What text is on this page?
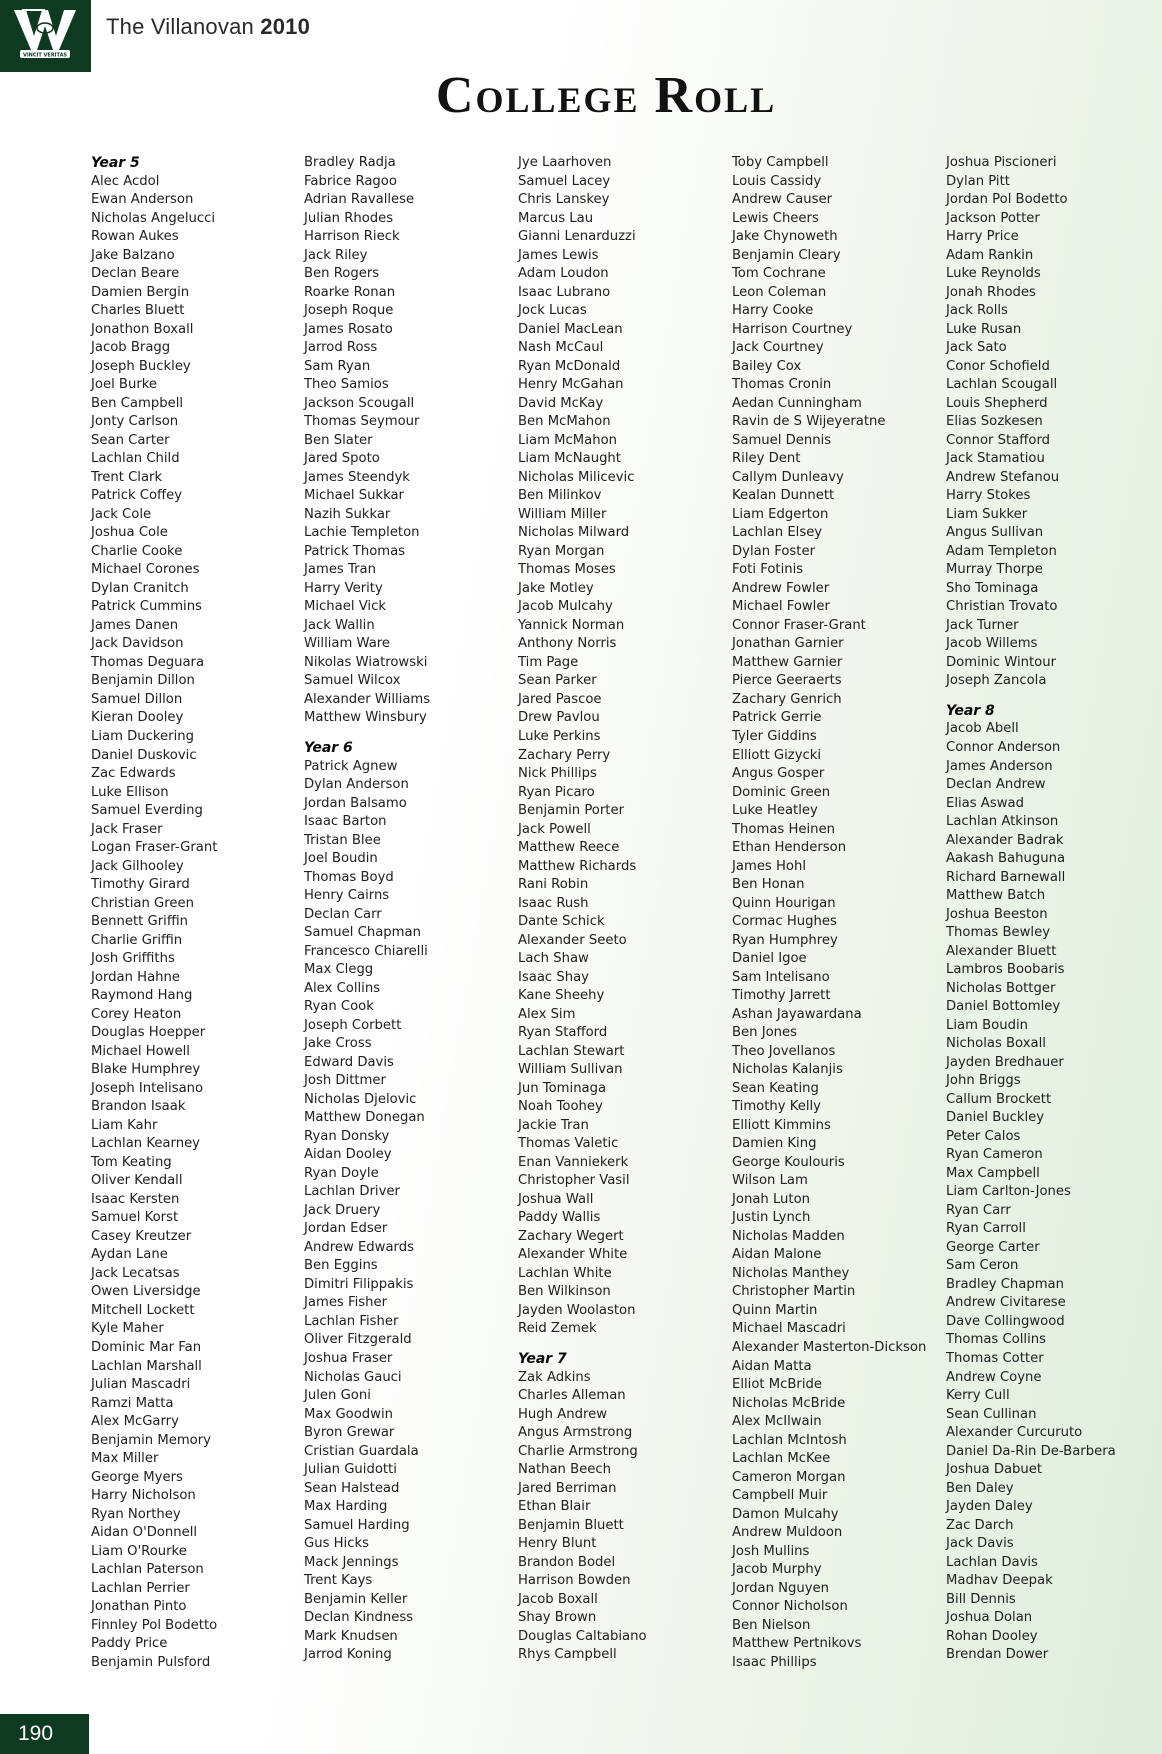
VINCIT VERITAS
The Villanovan 2010
College Roll
Year 5
Alec Acdol
Ewan Anderson
Nicholas Angelucci
Rowan Aukes
Jake Balzano
Declan Beare
Damien Bergin
Charles Bluett
Jonathon Boxall
Jacob Bragg
Joseph Buckley
Joel Burke
Ben Campbell
Jonty Carlson
Sean Carter
Lachlan Child
Trent Clark
Patrick Coffey
Jack Cole
Joshua Cole
Charlie Cooke
Michael Corones
Dylan Cranitch
Patrick Cummins
James Danen
Jack Davidson
Thomas Deguara
Benjamin Dillon
Samuel Dillon
Kieran Dooley
Liam Duckering
Daniel Duskovic
Zac Edwards
Luke Ellison
Samuel Everding
Jack Fraser
Logan Fraser-Grant
Jack Gilhooley
Timothy Girard
Christian Green
Bennett Griffin
Charlie Griffin
Josh Griffiths
Jordan Hahne
Raymond Hang
Corey Heaton
Douglas Hoepper
Michael Howell
Blake Humphrey
Joseph Intelisano
Brandon Isaak
Liam Kahr
Lachlan Kearney
Tom Keating
Oliver Kendall
Isaac Kersten
Samuel Korst
Casey Kreutzer
Aydan Lane
Jack Lecatsas
Owen Liversidge
Mitchell Lockett
Kyle Maher
Dominic Mar Fan
Lachlan Marshall
Julian Mascadri
Ramzi Matta
Alex McGarry
Benjamin Memory
Max Miller
George Myers
Harry Nicholson
Ryan Northey
Aidan O'Donnell
Liam O'Rourke
Lachlan Paterson
Lachlan Perrier
Jonathan Pinto
Finnley Pol Bodetto
Paddy Price
Benjamin Pulsford
Bradley Radja
Fabrice Ragoo
Adrian Ravallese
Julian Rhodes
Harrison Rieck
Jack Riley
Ben Rogers
Roarke Ronan
Joseph Roque
James Rosato
Jarrod Ross
Sam Ryan
Theo Samios
Jackson Scougall
Thomas Seymour
Ben Slater
Jared Spoto
James Steendyk
Michael Sukkar
Nazih Sukkar
Lachie Templeton
Patrick Thomas
James Tran
Harry Verity
Michael Vick
Jack Wallin
William Ware
Nikolas Wiatrowski
Samuel Wilcox
Alexander Williams
Matthew Winsbury
Year 6
Patrick Agnew
Dylan Anderson
Jordan Balsamo
Isaac Barton
Tristan Blee
Joel Boudin
Thomas Boyd
Henry Cairns
Declan Carr
Samuel Chapman
Francesco Chiarelli
Max Clegg
Alex Collins
Ryan Cook
Joseph Corbett
Jake Cross
Edward Davis
Josh Dittmer
Nicholas Djelovic
Matthew Donegan
Ryan Donsky
Aidan Dooley
Ryan Doyle
Lachlan Driver
Jack Druery
Jordan Edser
Andrew Edwards
Ben Eggins
Dimitri Filippakis
James Fisher
Lachlan Fisher
Oliver Fitzgerald
Joshua Fraser
Nicholas Gauci
Julen Goni
Max Goodwin
Byron Grewar
Cristian Guardala
Julian Guidotti
Sean Halstead
Max Harding
Samuel Harding
Gus Hicks
Mack Jennings
Trent Kays
Benjamin Keller
Declan Kindness
Mark Knudsen
Jarrod Koning
Jye Laarhoven
Samuel Lacey
Chris Lanskey
Marcus Lau
Gianni Lenarduzzi
James Lewis
Adam Loudon
Isaac Lubrano
Jock Lucas
Daniel MacLean
Nash McCaul
Ryan McDonald
Henry McGahan
David McKay
Ben McMahon
Liam McMahon
Liam McNaught
Nicholas Milicevic
Ben Milinkov
William Miller
Nicholas Milward
Ryan Morgan
Thomas Moses
Jake Motley
Jacob Mulcahy
Yannick Norman
Anthony Norris
Tim Page
Sean Parker
Jared Pascoe
Drew Pavlou
Luke Perkins
Zachary Perry
Nick Phillips
Ryan Picaro
Benjamin Porter
Jack Powell
Matthew Reece
Matthew Richards
Rani Robin
Isaac Rush
Dante Schick
Alexander Seeto
Lach Shaw
Isaac Shay
Kane Sheehy
Alex Sim
Ryan Stafford
Lachlan Stewart
William Sullivan
Jun Tominaga
Noah Toohey
Jackie Tran
Thomas Valetic
Enan Vanniekerk
Christopher Vasil
Joshua Wall
Paddy Wallis
Zachary Wegert
Alexander White
Lachlan White
Ben Wilkinson
Jayden Woolaston
Reid Zemek
Year 7
Zak Adkins
Charles Alleman
Hugh Andrew
Angus Armstrong
Charlie Armstrong
Nathan Beech
Jared Berriman
Ethan Blair
Benjamin Bluett
Henry Blunt
Brandon Bodel
Harrison Bowden
Jacob Boxall
Shay Brown
Douglas Caltabiano
Rhys Campbell
Toby Campbell
Louis Cassidy
Andrew Causer
Lewis Cheers
Jake Chynoweth
Benjamin Cleary
Tom Cochrane
Leon Coleman
Harry Cooke
Harrison Courtney
Jack Courtney
Bailey Cox
Thomas Cronin
Aedan Cunningham
Ravin de S Wijeyeratne
Samuel Dennis
Riley Dent
Callym Dunleavy
Kealan Dunnett
Liam Edgerton
Lachlan Elsey
Dylan Foster
Foti Fotinis
Andrew Fowler
Michael Fowler
Connor Fraser-Grant
Jonathan Garnier
Matthew Garnier
Pierce Geeraerts
Zachary Genrich
Patrick Gerrie
Tyler Giddins
Elliott Gizycki
Angus Gosper
Dominic Green
Luke Heatley
Thomas Heinen
Ethan Henderson
James Hohl
Ben Honan
Quinn Hourigan
Cormac Hughes
Ryan Humphrey
Daniel Igoe
Sam Intelisano
Timothy Jarrett
Ashan Jayawardana
Ben Jones
Theo Jovellanos
Nicholas Kalanjis
Sean Keating
Timothy Kelly
Elliott Kimmins
Damien King
George Koulouris
Wilson Lam
Jonah Luton
Justin Lynch
Nicholas Madden
Aidan Malone
Nicholas Manthey
Christopher Martin
Quinn Martin
Michael Mascadri
Alexander Masterton-Dickson
Aidan Matta
Elliot McBride
Nicholas McBride
Alex McIlwain
Lachlan McIntosh
Lachlan McKee
Cameron Morgan
Campbell Muir
Damon Mulcahy
Andrew Muldoon
Josh Mullins
Jacob Murphy
Jordan Nguyen
Connor Nicholson
Ben Nielson
Matthew Pertnikovs
Isaac Phillips
Joshua Piscioneri
Dylan Pitt
Jordan Pol Bodetto
Jackson Potter
Harry Price
Adam Rankin
Luke Reynolds
Jonah Rhodes
Jack Rolls
Luke Rusan
Jack Sato
Conor Schofield
Lachlan Scougall
Louis Shepherd
Elias Sozkesen
Connor Stafford
Jack Stamatiou
Andrew Stefanou
Harry Stokes
Liam Sukker
Angus Sullivan
Adam Templeton
Murray Thorpe
Sho Tominaga
Christian Trovato
Jack Turner
Jacob Willems
Dominic Wintour
Joseph Zancola
Year 8
Jacob Abell
Connor Anderson
James Anderson
Declan Andrew
Elias Aswad
Lachlan Atkinson
Alexander Badrak
Aakash Bahuguna
Richard Barnewall
Matthew Batch
Joshua Beeston
Thomas Bewley
Alexander Bluett
Lambros Boobaris
Nicholas Bottger
Daniel Bottomley
Liam Boudin
Nicholas Boxall
Jayden Bredhauer
John Briggs
Callum Brockett
Daniel Buckley
Peter Calos
Ryan Cameron
Max Campbell
Liam Carlton-Jones
Ryan Carr
Ryan Carroll
George Carter
Sam Ceron
Bradley Chapman
Andrew Civitarese
Dave Collingwood
Thomas Collins
Thomas Cotter
Andrew Coyne
Kerry Cull
Sean Cullinan
Alexander Curcuruto
Daniel Da-Rin De-Barbera
Joshua Dabuet
Ben Daley
Jayden Daley
Zac Darch
Jack Davis
Lachlan Davis
Madhav Deepak
Bill Dennis
Joshua Dolan
Rohan Dooley
Brendan Dower
190
